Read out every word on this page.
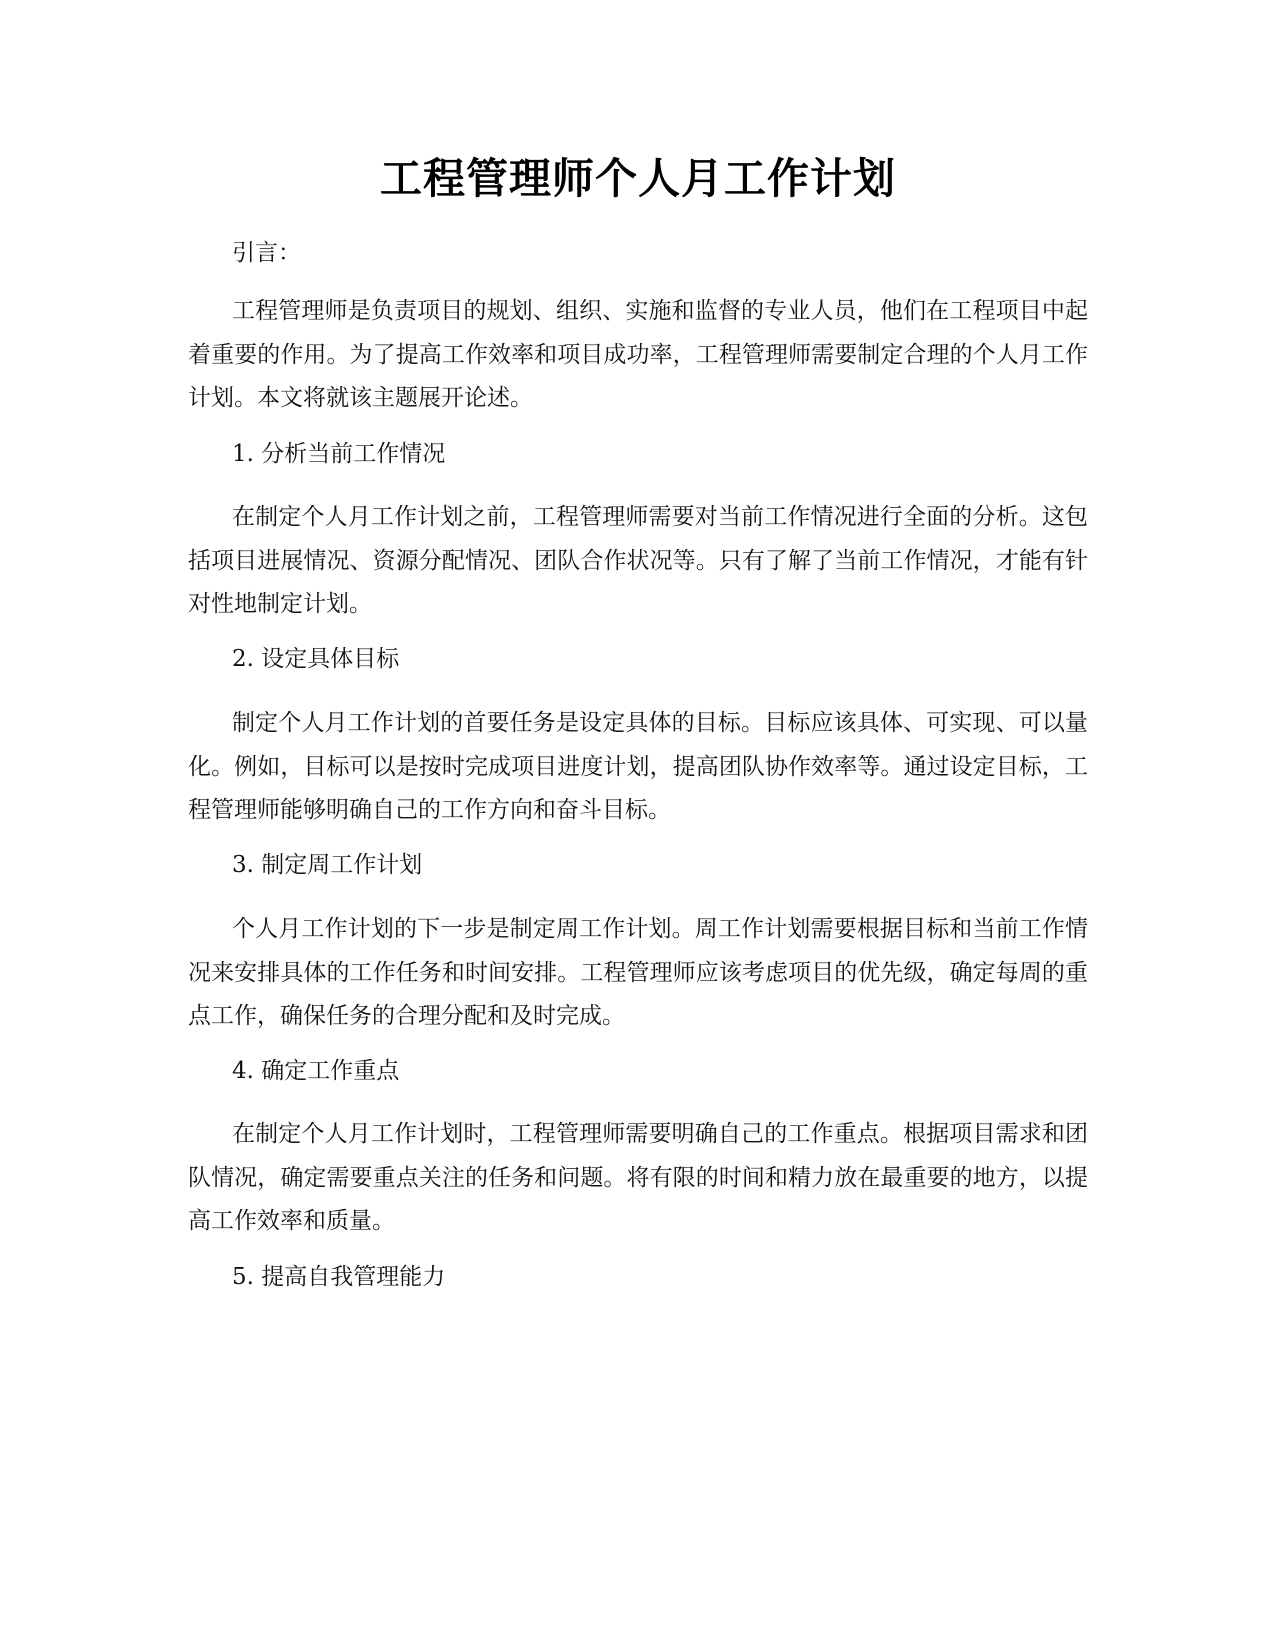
工程管理师个人月工作计划

引言：

工程管理师是负责项目的规划、组织、实施和监督的专业人员，他们在工程项目中起着重要的作用。为了提高工作效率和项目成功率，工程管理师需要制定合理的个人月工作计划。本文将就该主题展开论述。

1. 分析当前工作情况

在制定个人月工作计划之前，工程管理师需要对当前工作情况进行全面的分析。这包括项目进展情况、资源分配情况、团队合作状况等。只有了解了当前工作情况，才能有针对性地制定计划。

2. 设定具体目标

制定个人月工作计划的首要任务是设定具体的目标。目标应该具体、可实现、可以量化。例如，目标可以是按时完成项目进度计划，提高团队协作效率等。通过设定目标，工程管理师能够明确自己的工作方向和奋斗目标。

3. 制定周工作计划

个人月工作计划的下一步是制定周工作计划。周工作计划需要根据目标和当前工作情况来安排具体的工作任务和时间安排。工程管理师应该考虑项目的优先级，确定每周的重点工作，确保任务的合理分配和及时完成。

4. 确定工作重点

在制定个人月工作计划时，工程管理师需要明确自己的工作重点。根据项目需求和团队情况，确定需要重点关注的任务和问题。将有限的时间和精力放在最重要的地方，以提高工作效率和质量。

5. 提高自我管理能力
